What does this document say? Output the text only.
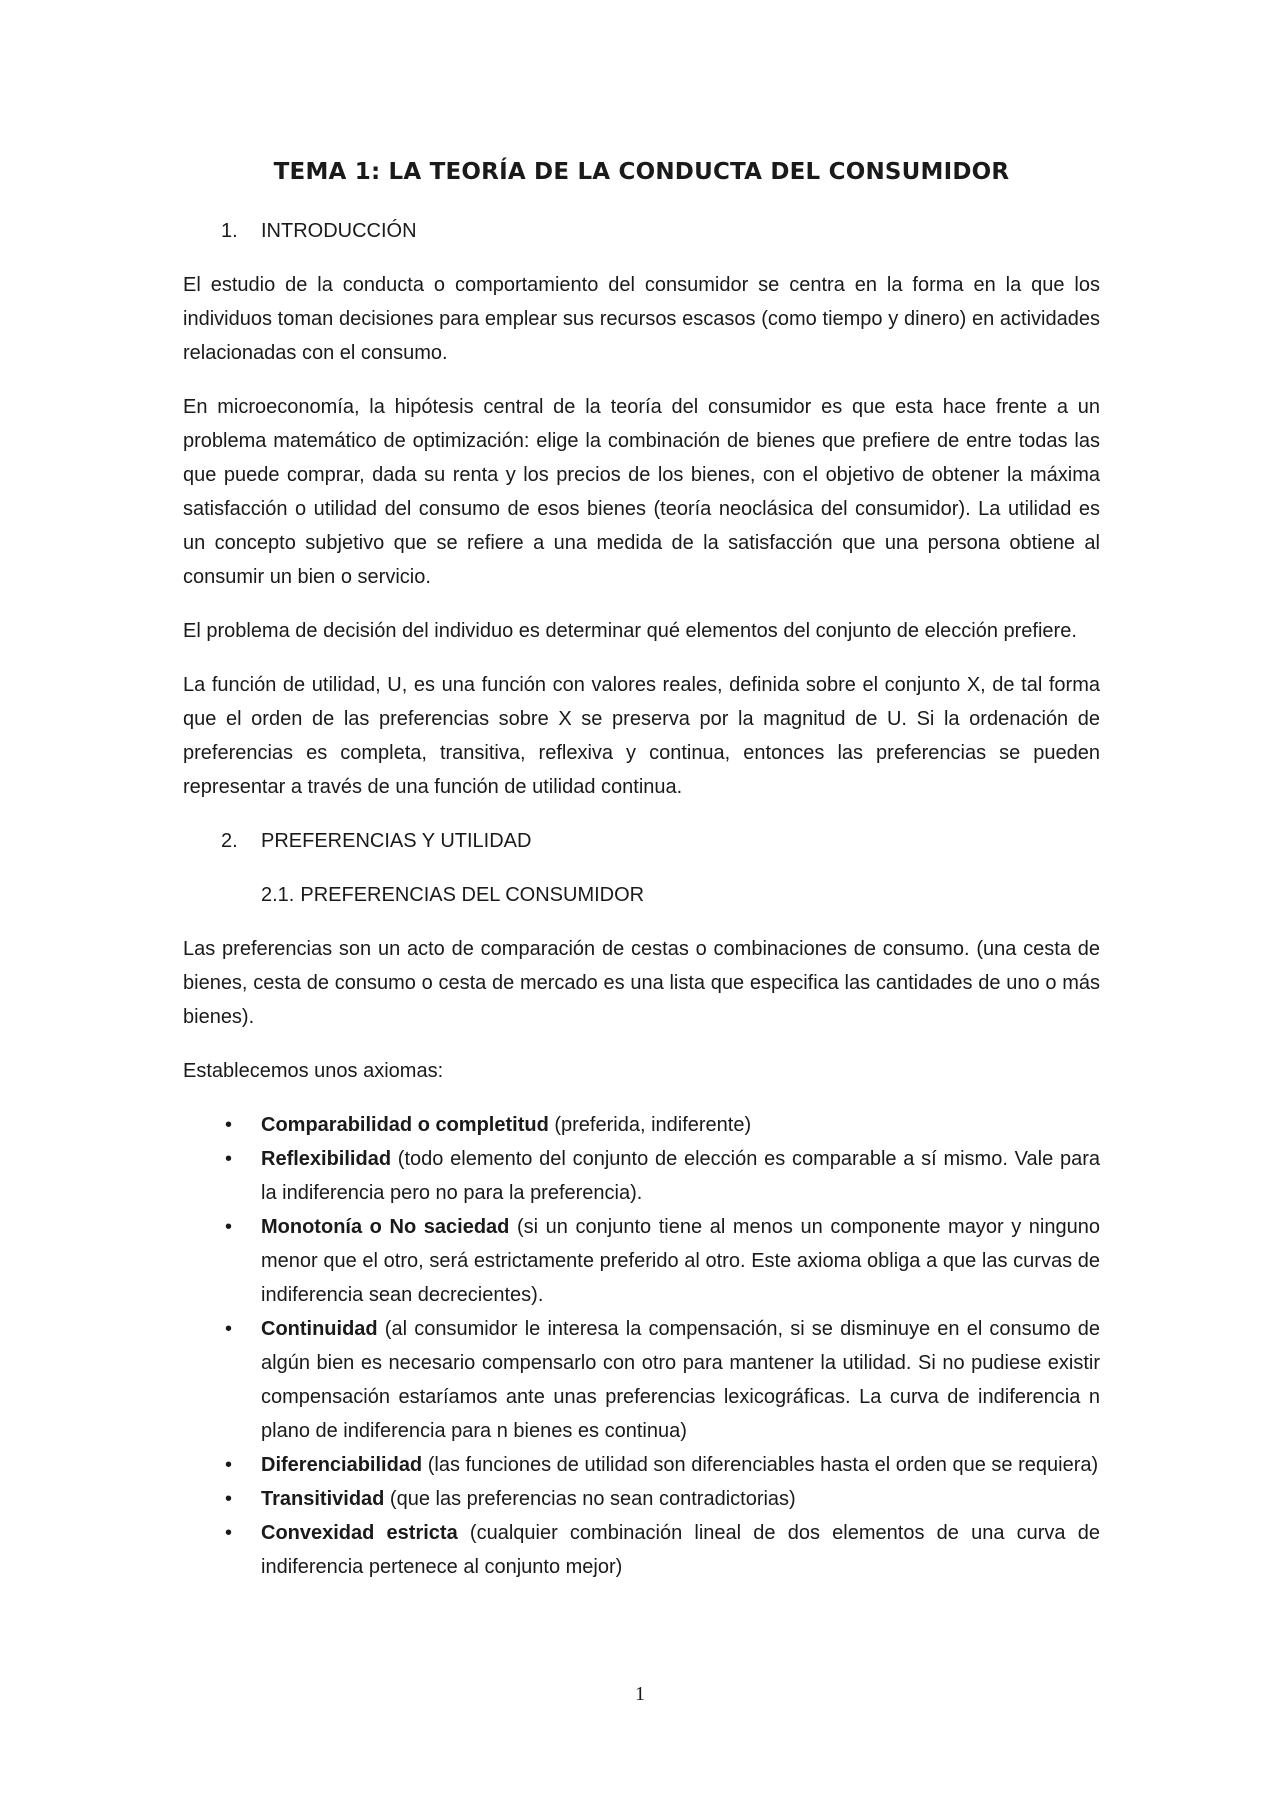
TEMA 1: LA TEORÍA DE LA CONDUCTA DEL CONSUMIDOR
1.	INTRODUCCIÓN

El estudio de la conducta o comportamiento del consumidor se centra en la forma en la que los individuos toman decisiones para emplear sus recursos escasos (como tiempo y dinero) en actividades relacionadas con el consumo.

En microeconomía, la hipótesis central de la teoría del consumidor es que esta hace frente a un problema matemático de optimización: elige la combinación de bienes que prefiere de entre todas las que puede comprar, dada su renta y los precios de los bienes, con el objetivo de obtener la máxima satisfacción o utilidad del consumo de esos bienes (teoría neoclásica del consumidor). La utilidad es un concepto subjetivo que se refiere a una medida de la satisfacción que una persona obtiene al consumir un bien o servicio.

El problema de decisión del individuo es determinar qué elementos del conjunto de elección prefiere.

La función de utilidad, U, es una función con valores reales, definida sobre el conjunto X, de tal forma que el orden de las preferencias sobre X se preserva por la magnitud de U. Si la ordenación de preferencias es completa, transitiva, reflexiva y continua, entonces las preferencias se pueden representar a través de una función de utilidad continua.

2.	PREFERENCIAS Y UTILIDAD
2.1. PREFERENCIAS DEL CONSUMIDOR

Las preferencias son un acto de comparación de cestas o combinaciones de consumo. (una cesta de bienes, cesta de consumo o cesta de mercado es una lista que especifica las cantidades de uno o más bienes).

Establecemos unos axiomas:

• Comparabilidad o completitud (preferida, indiferente)
• Reflexibilidad (todo elemento del conjunto de elección es comparable a sí mismo. Vale para la indiferencia pero no para la preferencia).
• Monotonía o No saciedad (si un conjunto tiene al menos un componente mayor y ninguno menor que el otro, será estrictamente preferido al otro. Este axioma obliga a que las curvas de indiferencia sean decrecientes).
• Continuidad (al consumidor le interesa la compensación, si se disminuye en el consumo de algún bien es necesario compensarlo con otro para mantener la utilidad. Si no pudiese existir compensación estaríamos ante unas preferencias lexicográficas. La curva de indiferencia n plano de indiferencia para n bienes es continua)
• Diferenciabilidad (las funciones de utilidad son diferenciables hasta el orden que se requiera)
• Transitividad (que las preferencias no sean contradictorias)
• Convexidad estricta (cualquier combinación lineal de dos elementos de una curva de indiferencia pertenece al conjunto mejor)
1
